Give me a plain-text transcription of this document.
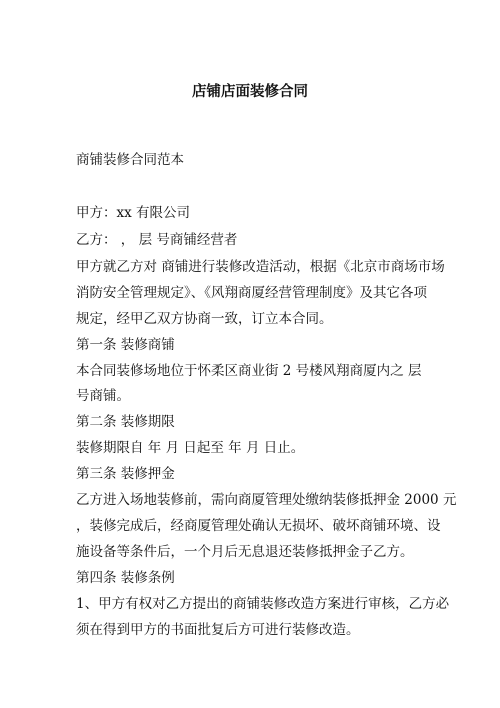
店铺店面装修合同
商铺装修合同范本
甲方：xx 有限公司
乙方： ， 层 号商铺经营者
甲方就乙方对 商铺进行装修改造活动，根据《北京市商场市场
消防安全管理规定》、《风翔商厦经营管理制度》及其它各项
规定，经甲乙双方协商一致，订立本合同。
第一条 装修商铺
本合同装修场地位于怀柔区商业街 2 号楼风翔商厦内之 层
号商铺。
第二条 装修期限
装修期限自 年 月 日起至 年 月 日止。
第三条 装修押金
乙方进入场地装修前，需向商厦管理处缴纳装修抵押金 2000 元
，装修完成后，经商厦管理处确认无损坏、破坏商铺环境、设
施设备等条件后，一个月后无息退还装修抵押金子乙方。
第四条 装修条例
1、甲方有权对乙方提出的商铺装修改造方案进行审核，乙方必
须在得到甲方的书面批复后方可进行装修改造。
